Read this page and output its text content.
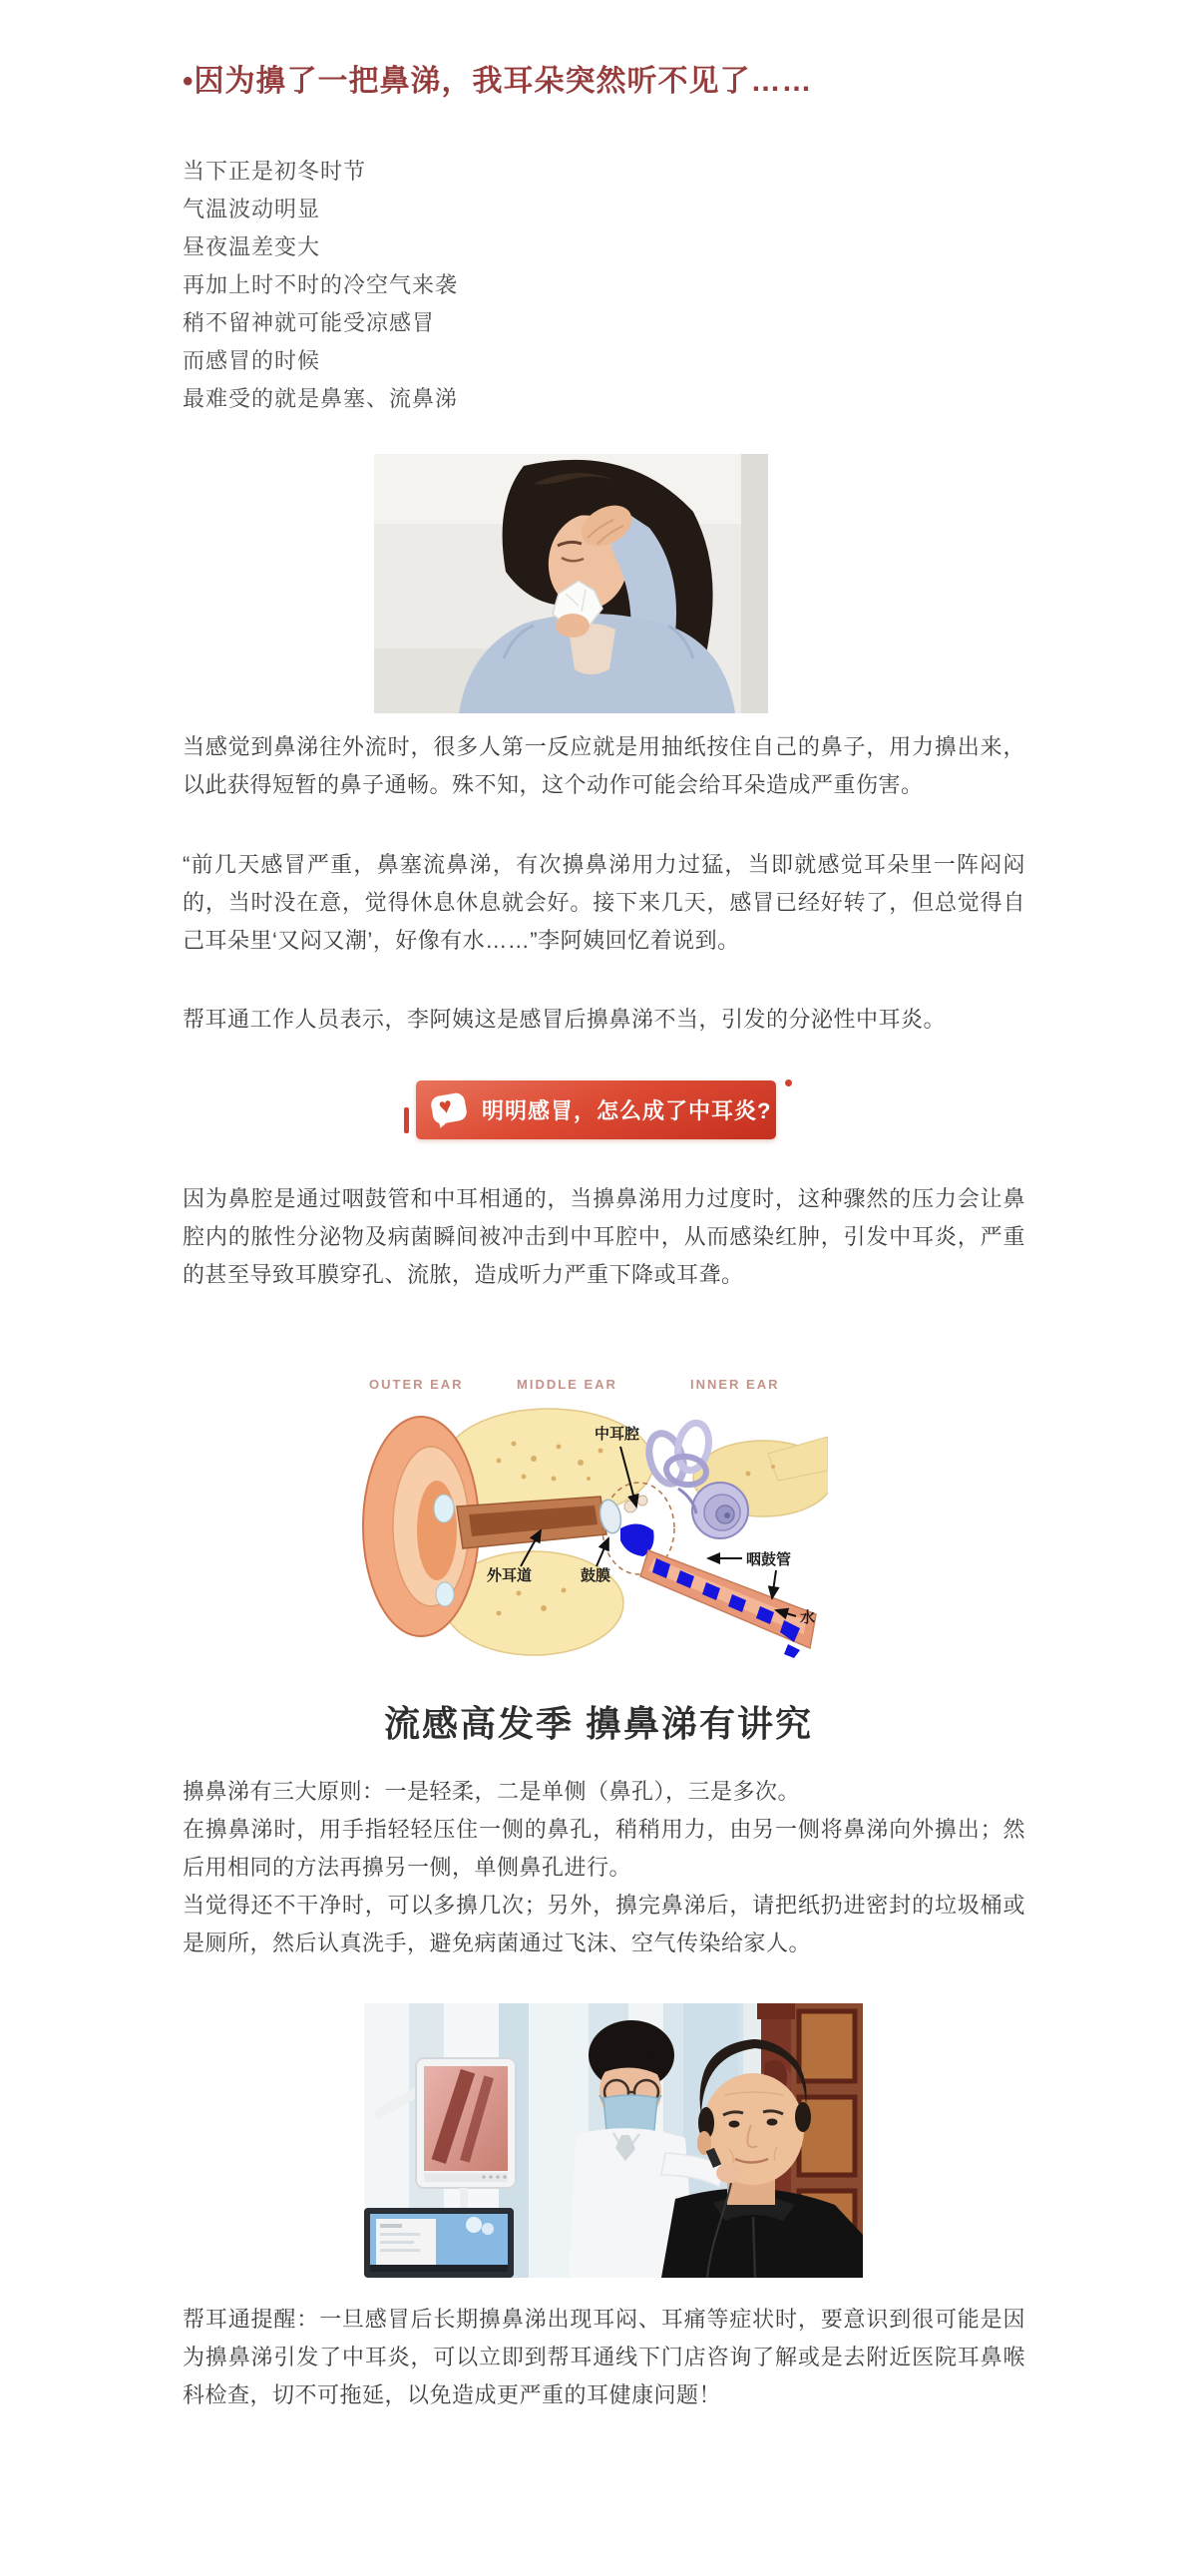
•因为擤了一把鼻涕，我耳朵突然听不见了……
当下正是初冬时节
气温波动明显
昼夜温差变大
再加上时不时的冷空气来袭
稍不留神就可能受凉感冒
而感冒的时候
最难受的就是鼻塞、流鼻涕

当感觉到鼻涕往外流时，很多人第一反应就是用抽纸按住自己的鼻子，用力擤出来，以此获得短暂的鼻子通畅。殊不知，这个动作可能会给耳朵造成严重伤害。

“前几天感冒严重，鼻塞流鼻涕，有次擤鼻涕用力过猛，当即就感觉耳朵里一阵闷闷的，当时没在意，觉得休息休息就会好。接下来几天，感冒已经好转了，但总觉得自己耳朵里‘又闷又潮’，好像有水……”李阿姨回忆着说到。

帮耳通工作人员表示，李阿姨这是感冒后擤鼻涕不当，引发的分泌性中耳炎。

♥ 明明感冒，怎么成了中耳炎?

因为鼻腔是通过咽鼓管和中耳相通的，当擤鼻涕用力过度时，这种骤然的压力会让鼻腔内的脓性分泌物及病菌瞬间被冲击到中耳腔中，从而感染红肿，引发中耳炎，严重的甚至导致耳膜穿孔、流脓，造成听力严重下降或耳聋。

OUTER EAR	MIDDLE EAR	INNER EAR
中耳腔
外耳道	鼓膜
咽鼓管
水
流感高发季 擤鼻涕有讲究

擤鼻涕有三大原则：一是轻柔，二是单侧（鼻孔），三是多次。

在擤鼻涕时，用手指轻轻压住一侧的鼻孔，稍稍用力，由另一侧将鼻涕向外擤出；然后用相同的方法再擤另一侧，单侧鼻孔进行。

当觉得还不干净时，可以多擤几次；另外，擤完鼻涕后，请把纸扔进密封的垃圾桶或是厕所，然后认真洗手，避免病菌通过飞沫、空气传染给家人。

帮耳通提醒：一旦感冒后长期擤鼻涕出现耳闷、耳痛等症状时，要意识到很可能是因为擤鼻涕引发了中耳炎，可以立即到帮耳通线下门店咨询了解或是去附近医院耳鼻喉科检查，切不可拖延，以免造成更严重的耳健康问题！
